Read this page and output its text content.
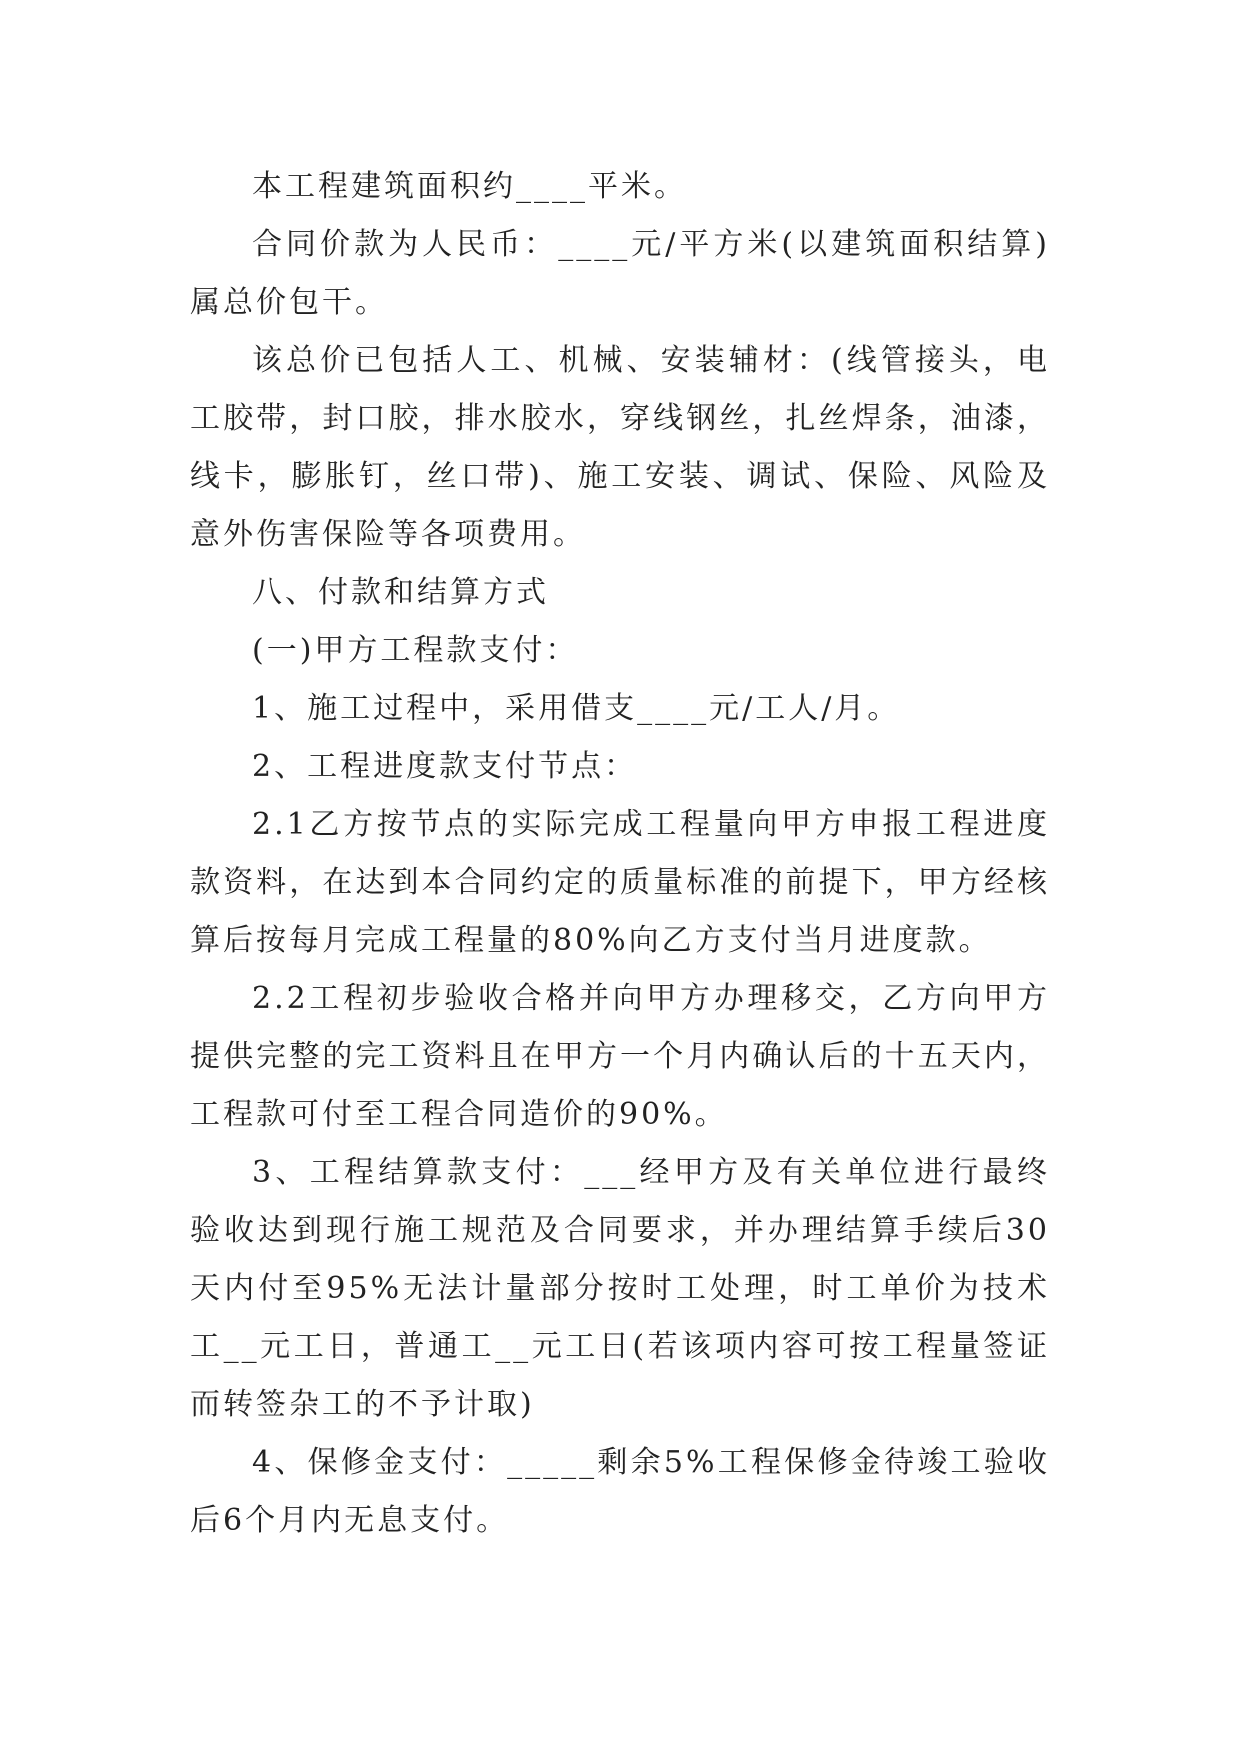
本工程建筑面积约____平米。

合同价款为人民币：____元/平方米(以建筑面积结算)属总价包干。

该总价已包括人工、机械、安装辅材：(线管接头，电工胶带，封口胶，排水胶水，穿线钢丝，扎丝焊条，油漆，线卡，膨胀钉，丝口带)、施工安装、调试、保险、风险及意外伤害保险等各项费用。

八、付款和结算方式

(一)甲方工程款支付：

1、施工过程中，采用借支____元/工人/月。

2、工程进度款支付节点：

2.1乙方按节点的实际完成工程量向甲方申报工程进度款资料，在达到本合同约定的质量标准的前提下，甲方经核算后按每月完成工程量的80%向乙方支付当月进度款。

2.2工程初步验收合格并向甲方办理移交，乙方向甲方提供完整的完工资料且在甲方一个月内确认后的十五天内，工程款可付至工程合同造价的90%。

3、工程结算款支付：___经甲方及有关单位进行最终验收达到现行施工规范及合同要求，并办理结算手续后30天内付至95%无法计量部分按时工处理，时工单价为技术工__元工日，普通工__元工日(若该项内容可按工程量签证而转签杂工的不予计取)

4、保修金支付：_____剩余5%工程保修金待竣工验收后6个月内无息支付。
